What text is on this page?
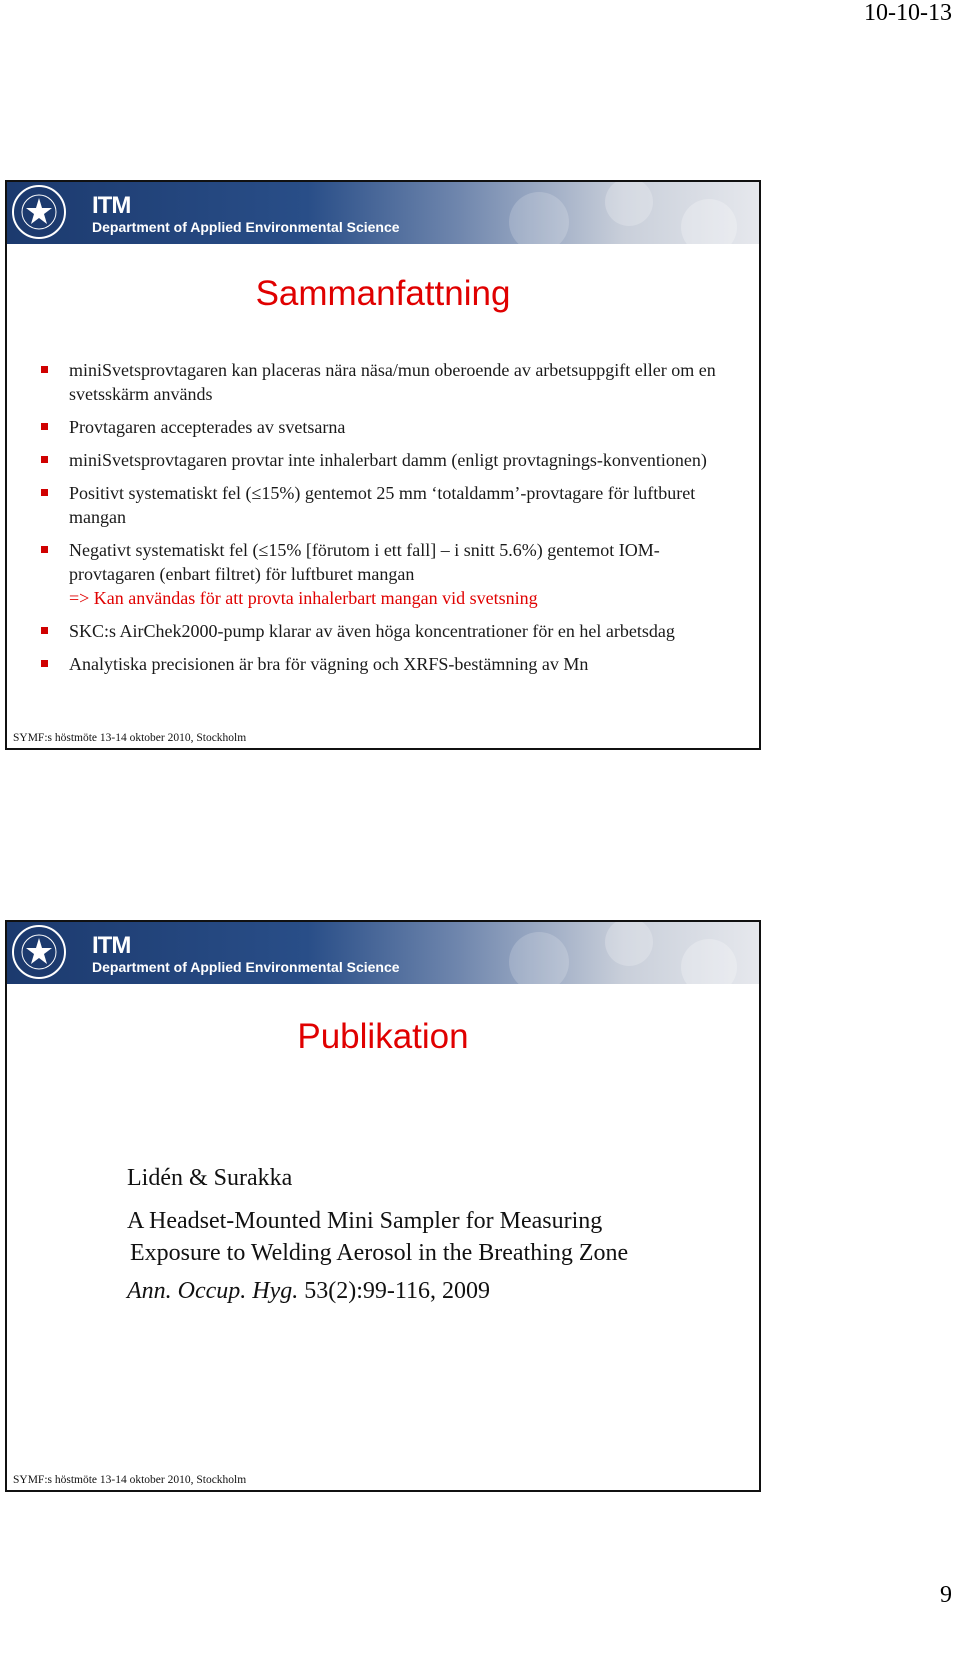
10-10-13
ITM
Department of Applied Environmental Science
Sammanfattning
miniSvetsprovtagaren kan placeras nära näsa/mun oberoende av arbetsuppgift eller om en svetsskärm används
Provtagaren accepterades av svetsarna
miniSvetsprovtagaren provtar inte inhalerbart damm (enligt provtagnings-konventionen)
Positivt systematiskt fel (≤15%) gentemot 25 mm ‘totaldamm’-provtagare för luftburet mangan
Negativt systematiskt fel (≤15% [förutom i ett fall] – i snitt 5.6%) gentemot IOM-provtagaren (enbart filtret) för luftburet mangan
=> Kan användas för att provta inhalerbart mangan vid svetsning
SKC:s AirChek2000-pump klarar av även höga koncentrationer för en hel arbetsdag
Analytiska precisionen är bra för vägning och XRFS-bestämning av Mn
SYMF:s höstmöte 13-14 oktober 2010, Stockholm
ITM
Department of Applied Environmental Science
Publikation
Lidén & Surakka
A Headset-Mounted Mini Sampler for Measuring
Exposure to Welding Aerosol in the Breathing Zone
Ann. Occup. Hyg. 53(2):99-116, 2009
SYMF:s höstmöte 13-14 oktober 2010, Stockholm
9
